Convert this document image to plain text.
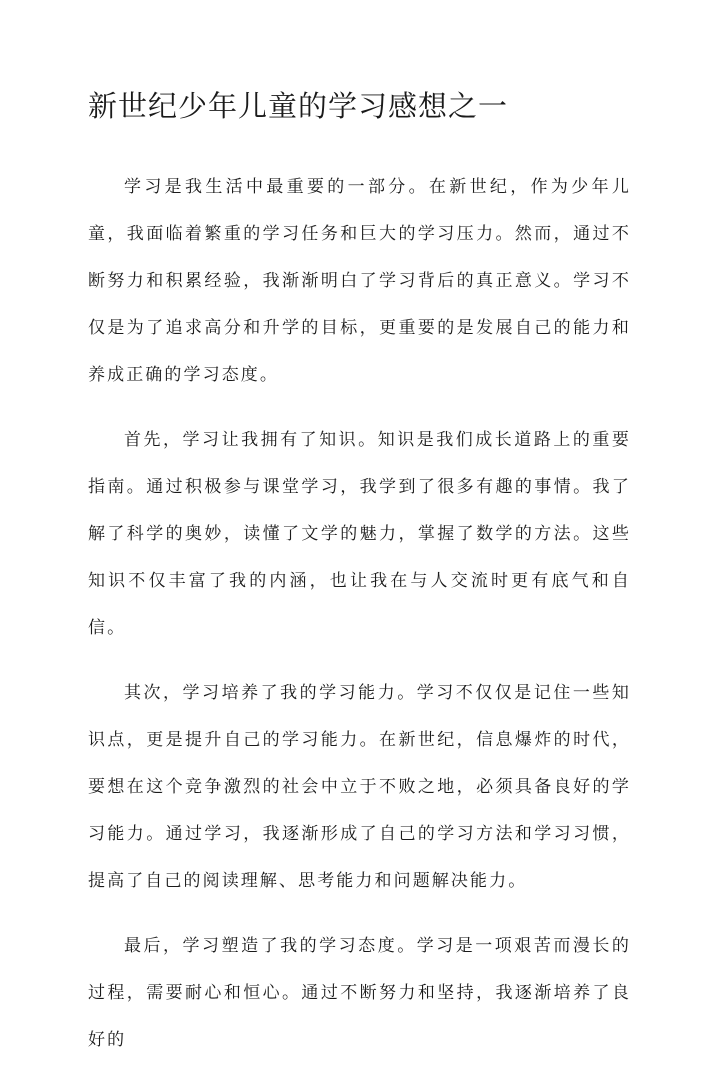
新世纪少年儿童的学习感想之一

学习是我生活中最重要的一部分。在新世纪，作为少年儿童，我面临着繁重的学习任务和巨大的学习压力。然而，通过不断努力和积累经验，我渐渐明白了学习背后的真正意义。学习不仅是为了追求高分和升学的目标，更重要的是发展自己的能力和养成正确的学习态度。

首先，学习让我拥有了知识。知识是我们成长道路上的重要指南。通过积极参与课堂学习，我学到了很多有趣的事情。我了解了科学的奥妙，读懂了文学的魅力，掌握了数学的方法。这些知识不仅丰富了我的内涵，也让我在与人交流时更有底气和自信。

其次，学习培养了我的学习能力。学习不仅仅是记住一些知识点，更是提升自己的学习能力。在新世纪，信息爆炸的时代，要想在这个竞争激烈的社会中立于不败之地，必须具备良好的学习能力。通过学习，我逐渐形成了自己的学习方法和学习习惯，提高了自己的阅读理解、思考能力和问题解决能力。

最后，学习塑造了我的学习态度。学习是一项艰苦而漫长的过程，需要耐心和恒心。通过不断努力和坚持，我逐渐培养了良好的
